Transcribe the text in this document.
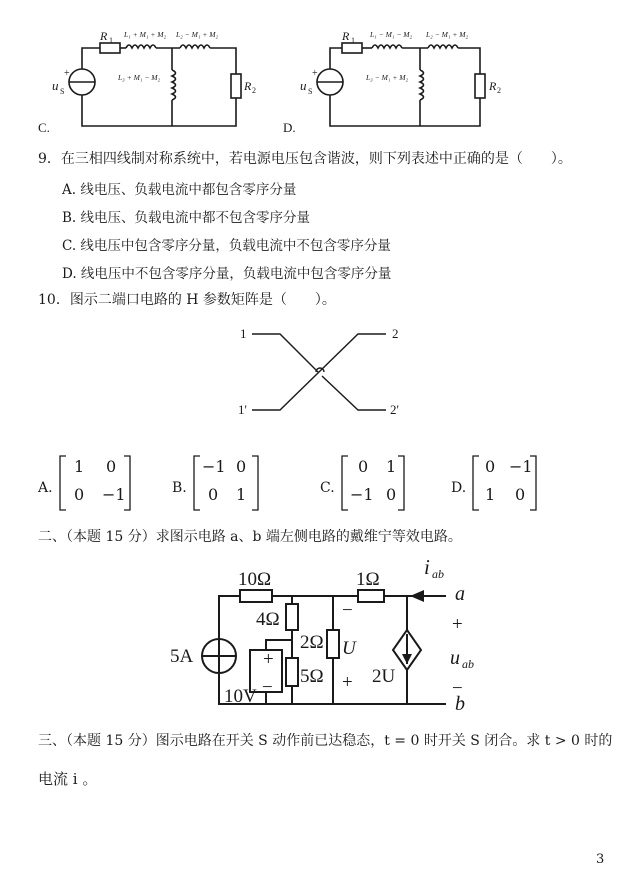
R 1
L₁ + M₁ + M₂ L₂ − M₁ + M₂
L₃ + M₁ − M₂
R 2
u S
+
C.
R 1
L₁ − M₁ − M₂ L₂ − M₁ + M₂
L₃ − M₁ + M₂
R 2
u S
+
D.
1	2
1'	2'
10Ω	1Ω
4Ω
2Ω
5Ω
5A
10V
+
−
−
U
+ 2U
i ab
a
+
u ab
−
b
9．在三相四线制对称系统中，若电源电压包含谐波，则下列表述中正确的是（　　）。
A. 线电压、负载电流中都包含零序分量
B. 线电压、负载电流中都不包含零序分量
C. 线电压中包含零序分量，负载电流中不包含零序分量
D. 线电压中不包含零序分量，负载电流中包含零序分量
10．图示二端口电路的 H 参数矩阵是（　　）。
A.
1 0
0 −1	B.
−1 0
0 1	C.
0 1
−1 0	D.
0 −1
1 0
二、（本题 15 分）求图示电路 a、b 端左侧电路的戴维宁等效电路。
三、（本题 15 分）图示电路在开关 S 动作前已达稳态，t = 0 时开关 S 闭合。求 t > 0 时的
电流 i 。
3
